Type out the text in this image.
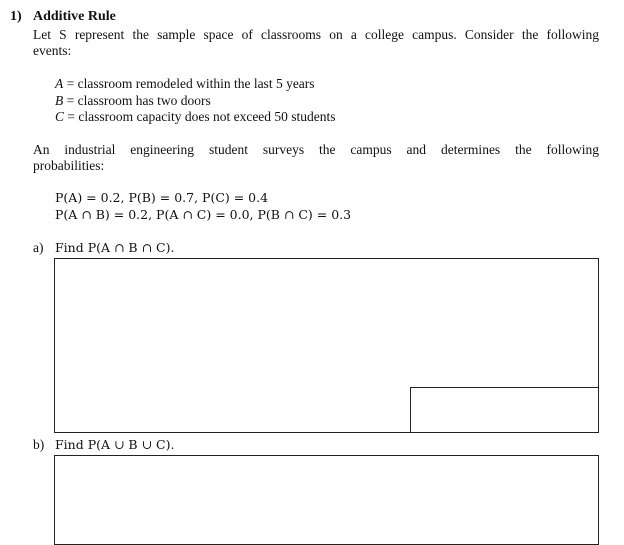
1) Additive Rule
Let S represent the sample space of classrooms on a college campus. Consider the following
events:
A = classroom remodeled within the last 5 years
B = classroom has two doors
C = classroom capacity does not exceed 50 students
An industrial engineering student surveys the campus and determines the following
probabilities:
P(A) = 0.2, P(B) = 0.7, P(C) = 0.4
P(A ∩ B) = 0.2, P(A ∩ C) = 0.0, P(B ∩ C) = 0.3
a) Find P(A ∩ B ∩ C).
b) Find P(A ∪ B ∪ C).
